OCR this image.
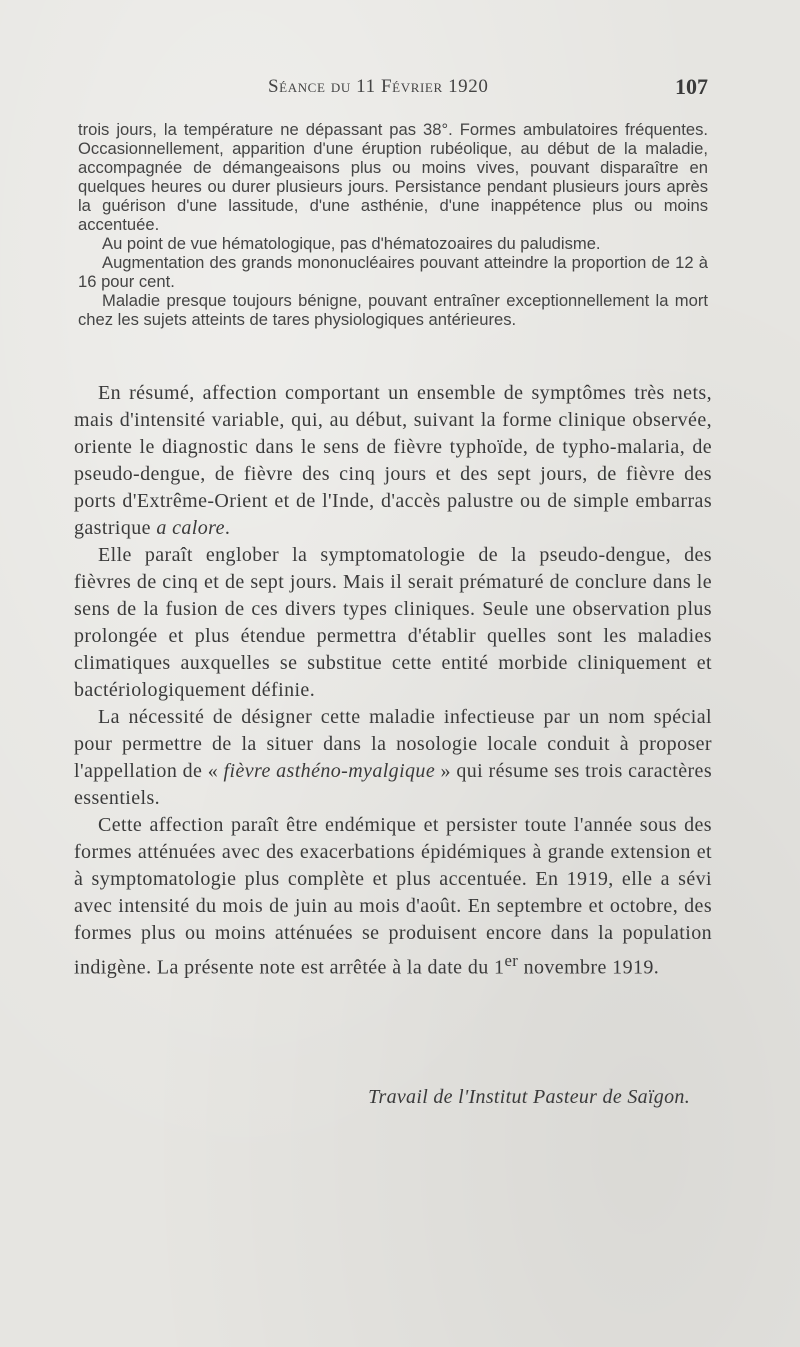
Séance du 11 Février 1920	107

trois jours, la température ne dépassant pas 38°. Formes ambulatoires fréquentes. Occasionnellement, apparition d'une éruption rubéolique, au début de la maladie, accompagnée de démangeaisons plus ou moins vives, pouvant disparaître en quelques heures ou durer plusieurs jours. Persistance pendant plusieurs jours après la guérison d'une lassitude, d'une asthénie, d'une inappétence plus ou moins accentuée.

Au point de vue hématologique, pas d'hématozoaires du paludisme.

Augmentation des grands mononucléaires pouvant atteindre la proportion de 12 à 16 pour cent.

Maladie presque toujours bénigne, pouvant entraîner exceptionnellement la mort chez les sujets atteints de tares physiologiques antérieures.

En résumé, affection comportant un ensemble de symptômes très nets, mais d'intensité variable, qui, au début, suivant la forme clinique observée, oriente le diagnostic dans le sens de fièvre typhoïde, de typho-malaria, de pseudo-dengue, de fièvre des cinq jours et des sept jours, de fièvre des ports d'Extrême-Orient et de l'Inde, d'accès palustre ou de simple embarras gastrique a calore.

Elle paraît englober la symptomatologie de la pseudo-dengue, des fièvres de cinq et de sept jours. Mais il serait prématuré de conclure dans le sens de la fusion de ces divers types cliniques. Seule une observation plus prolongée et plus étendue permettra d'établir quelles sont les maladies climatiques auxquelles se substitue cette entité morbide cliniquement et bactériologiquement définie.

La nécessité de désigner cette maladie infectieuse par un nom spécial pour permettre de la situer dans la nosologie locale conduit à proposer l'appellation de « fièvre asthéno-myalgique » qui résume ses trois caractères essentiels.

Cette affection paraît être endémique et persister toute l'année sous des formes atténuées avec des exacerbations épidémiques à grande extension et à symptomatologie plus complète et plus accentuée. En 1919, elle a sévi avec intensité du mois de juin au mois d'août. En septembre et octobre, des formes plus ou moins atténuées se produisent encore dans la population indigène. La présente note est arrêtée à la date du 1er novembre 1919.

Travail de l'Institut Pasteur de Saïgon.
